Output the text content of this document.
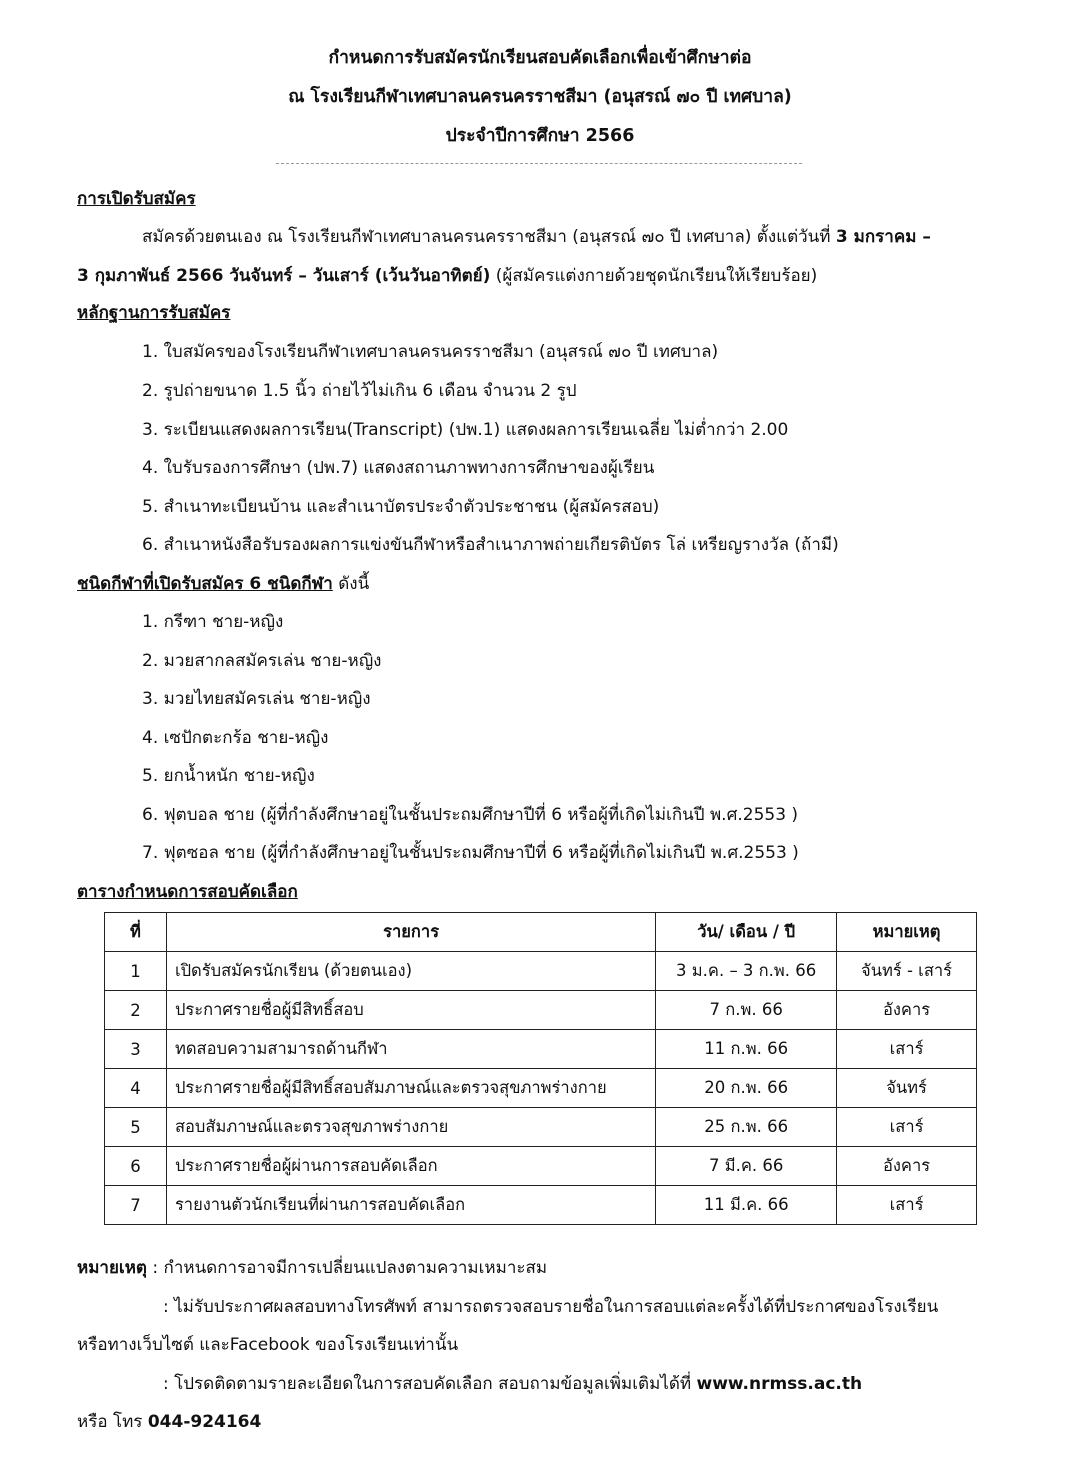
กำหนดการรับสมัครนักเรียนสอบคัดเลือกเพื่อเข้าศึกษาต่อ
ณ โรงเรียนกีฬาเทศบาลนครนครราชสีมา (อนุสรณ์ ๗๐ ปี เทศบาล)
ประจำปีการศึกษา 2566
การเปิดรับสมัคร
สมัครด้วยตนเอง ณ โรงเรียนกีฬาเทศบาลนครนครราชสีมา (อนุสรณ์ ๗๐ ปี เทศบาล) ตั้งแต่วันที่ 3 มกราคม –
3 กุมภาพันธ์ 2566 วันจันทร์ – วันเสาร์ (เว้นวันอาทิตย์) (ผู้สมัครแต่งกายด้วยชุดนักเรียนให้เรียบร้อย)
หลักฐานการรับสมัคร
1. ใบสมัครของโรงเรียนกีฬาเทศบาลนครนครราชสีมา (อนุสรณ์ ๗๐ ปี เทศบาล)
2. รูปถ่ายขนาด 1.5 นิ้ว ถ่ายไว้ไม่เกิน 6 เดือน จำนวน 2 รูป
3. ระเบียนแสดงผลการเรียน(Transcript) (ปพ.1) แสดงผลการเรียนเฉลี่ย ไม่ต่ำกว่า 2.00
4. ใบรับรองการศึกษา (ปพ.7) แสดงสถานภาพทางการศึกษาของผู้เรียน
5. สำเนาทะเบียนบ้าน และสำเนาบัตรประจำตัวประชาชน (ผู้สมัครสอบ)
6. สำเนาหนังสือรับรองผลการแข่งขันกีฬาหรือสำเนาภาพถ่ายเกียรติบัตร โล่ เหรียญรางวัล (ถ้ามี)
ชนิดกีฬาที่เปิดรับสมัคร 6 ชนิดกีฬา ดังนี้
1. กรีฑา ชาย-หญิง
2. มวยสากลสมัครเล่น ชาย-หญิง
3. มวยไทยสมัครเล่น ชาย-หญิง
4. เซปักตะกร้อ ชาย-หญิง
5. ยกน้ำหนัก ชาย-หญิง
6. ฟุตบอล ชาย (ผู้ที่กำลังศึกษาอยู่ในชั้นประถมศึกษาปีที่ 6 หรือผู้ที่เกิดไม่เกินปี พ.ศ.2553 )
7. ฟุตซอล ชาย (ผู้ที่กำลังศึกษาอยู่ในชั้นประถมศึกษาปีที่ 6 หรือผู้ที่เกิดไม่เกินปี พ.ศ.2553 )
ตารางกำหนดการสอบคัดเลือก
ที่	รายการ	วัน/ เดือน / ปี	หมายเหตุ
1	เปิดรับสมัครนักเรียน (ด้วยตนเอง)	3 ม.ค. – 3 ก.พ. 66	จันทร์ - เสาร์
2	ประกาศรายชื่อผู้มีสิทธิ์สอบ	7 ก.พ. 66	อังคาร
3	ทดสอบความสามารถด้านกีฬา	11 ก.พ. 66	เสาร์
4	ประกาศรายชื่อผู้มีสิทธิ์สอบสัมภาษณ์และตรวจสุขภาพร่างกาย	20 ก.พ. 66	จันทร์
5	สอบสัมภาษณ์และตรวจสุขภาพร่างกาย	25 ก.พ. 66	เสาร์
6	ประกาศรายชื่อผู้ผ่านการสอบคัดเลือก	7 มี.ค. 66	อังคาร
7	รายงานตัวนักเรียนที่ผ่านการสอบคัดเลือก	11 มี.ค. 66	เสาร์
หมายเหตุ : กำหนดการอาจมีการเปลี่ยนแปลงตามความเหมาะสม
: ไม่รับประกาศผลสอบทางโทรศัพท์ สามารถตรวจสอบรายชื่อในการสอบแต่ละครั้งได้ที่ประกาศของโรงเรียน
หรือทางเว็บไซต์ และFacebook ของโรงเรียนเท่านั้น
: โปรดติดตามรายละเอียดในการสอบคัดเลือก สอบถามข้อมูลเพิ่มเติมได้ที่ www.nrmss.ac.th
หรือ โทร 044-924164
